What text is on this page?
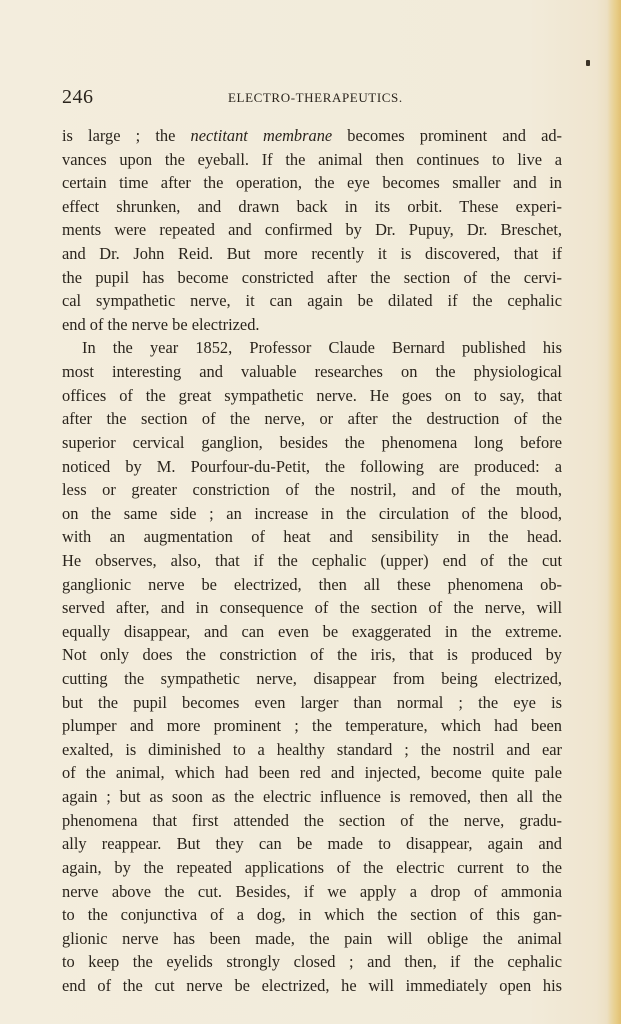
246	ELECTRO-THERAPEUTICS.
is large ; the nectitant membrane becomes prominent and ad-
vances upon the eyeball. If the animal then continues to live a
certain time after the operation, the eye becomes smaller and in
effect shrunken, and drawn back in its orbit. These experi-
ments were repeated and confirmed by Dr. Pupuy, Dr. Breschet,
and Dr. John Reid. But more recently it is discovered, that if
the pupil has become constricted after the section of the cervi-
cal sympathetic nerve, it can again be dilated if the cephalic
end of the nerve be electrized.
In the year 1852, Professor Claude Bernard published his
most interesting and valuable researches on the physiological
offices of the great sympathetic nerve. He goes on to say, that
after the section of the nerve, or after the destruction of the
superior cervical ganglion, besides the phenomena long before
noticed by M. Pourfour-du-Petit, the following are produced: a
less or greater constriction of the nostril, and of the mouth,
on the same side ; an increase in the circulation of the blood,
with an augmentation of heat and sensibility in the head.
He observes, also, that if the cephalic (upper) end of the cut
ganglionic nerve be electrized, then all these phenomena ob-
served after, and in consequence of the section of the nerve, will
equally disappear, and can even be exaggerated in the extreme.
Not only does the constriction of the iris, that is produced by
cutting the sympathetic nerve, disappear from being electrized,
but the pupil becomes even larger than normal ; the eye is
plumper and more prominent ; the temperature, which had been
exalted, is diminished to a healthy standard ; the nostril and ear
of the animal, which had been red and injected, become quite pale
again ; but as soon as the electric influence is removed, then all the
phenomena that first attended the section of the nerve, gradu-
ally reappear. But they can be made to disappear, again and
again, by the repeated applications of the electric current to the
nerve above the cut. Besides, if we apply a drop of ammonia
to the conjunctiva of a dog, in which the section of this gan-
glionic nerve has been made, the pain will oblige the animal
to keep the eyelids strongly closed ; and then, if the cephalic
end of the cut nerve be electrized, he will immediately open his
